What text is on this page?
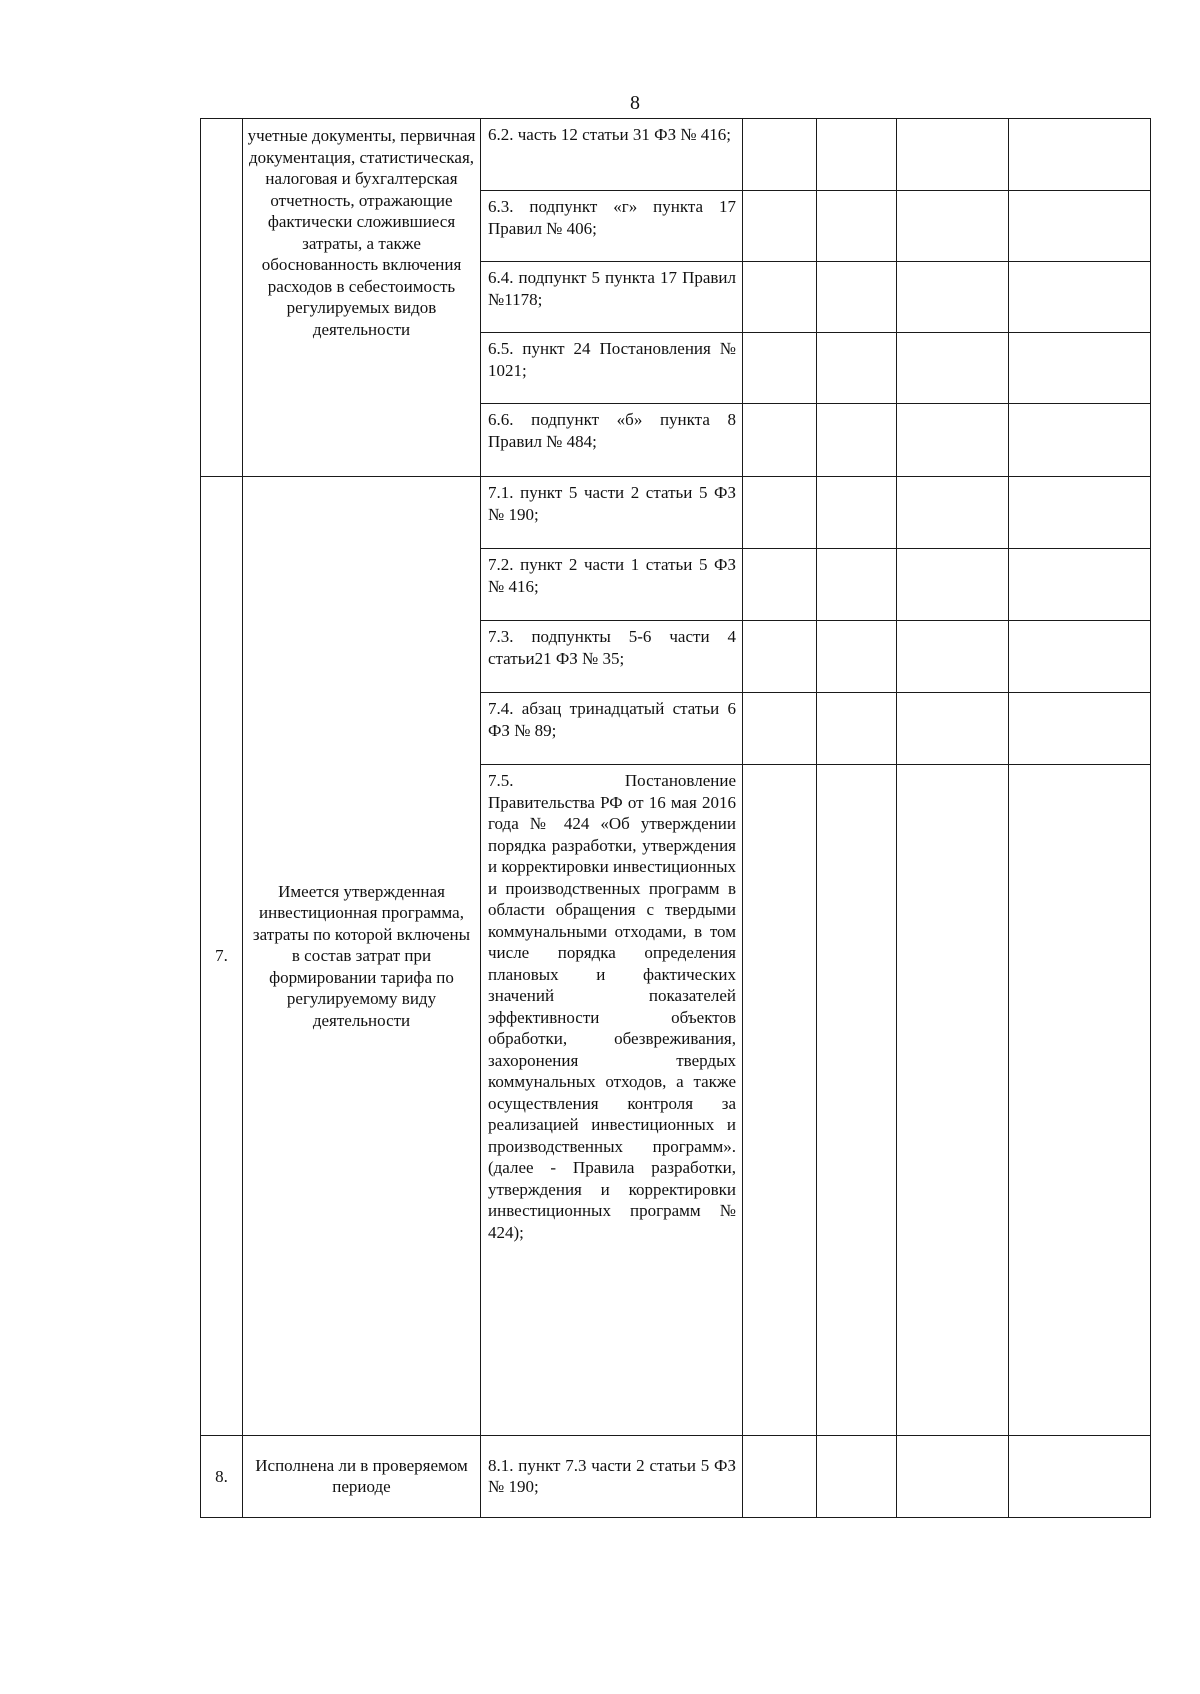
8
	учетные документы, первичная документация, статистическая, налоговая и бухгалтерская отчетность, отражающие фактически сложившиеся затраты, а также обоснованность включения расходов в себестоимость регулируемых видов деятельности	6.2. часть 12 статьи 31 ФЗ № 416;				
		6.3. подпункт «г» пункта 17 Правил № 406;				
		6.4. подпункт 5 пункта 17 Правил №1178;				
		6.5. пункт 24 Постановления № 1021;				
		6.6. подпункт «б» пункта 8 Правил № 484;				
7.	Имеется утвержденная инвестиционная программа, затраты по которой включены в состав затрат при формировании тарифа по регулируемому виду деятельности	7.1. пункт 5 части 2 статьи 5 ФЗ № 190;				
		7.2. пункт 2 части 1 статьи 5 ФЗ № 416;				
		7.3. подпункты 5-6 части 4 статьи21 ФЗ № 35;				
		7.4. абзац тринадцатый статьи 6 ФЗ № 89;				
		7.5. Постановление Правительства РФ от 16 мая 2016 года № 424 «Об утверждении порядка разработки, утверждения и корректировки инвестиционных и производственных программ в области обращения с твердыми коммунальными отходами, в том числе порядка определения плановых и фактических значений показателей эффективности объектов обработки, обезвреживания, захоронения твердых коммунальных отходов, а также осуществления контроля за реализацией инвестиционных и производственных программ». (далее - Правила разработки, утверждения и корректировки инвестиционных программ № 424);				
8.	Исполнена ли в проверяемом периоде	8.1. пункт 7.3 части 2 статьи 5 ФЗ № 190;				
